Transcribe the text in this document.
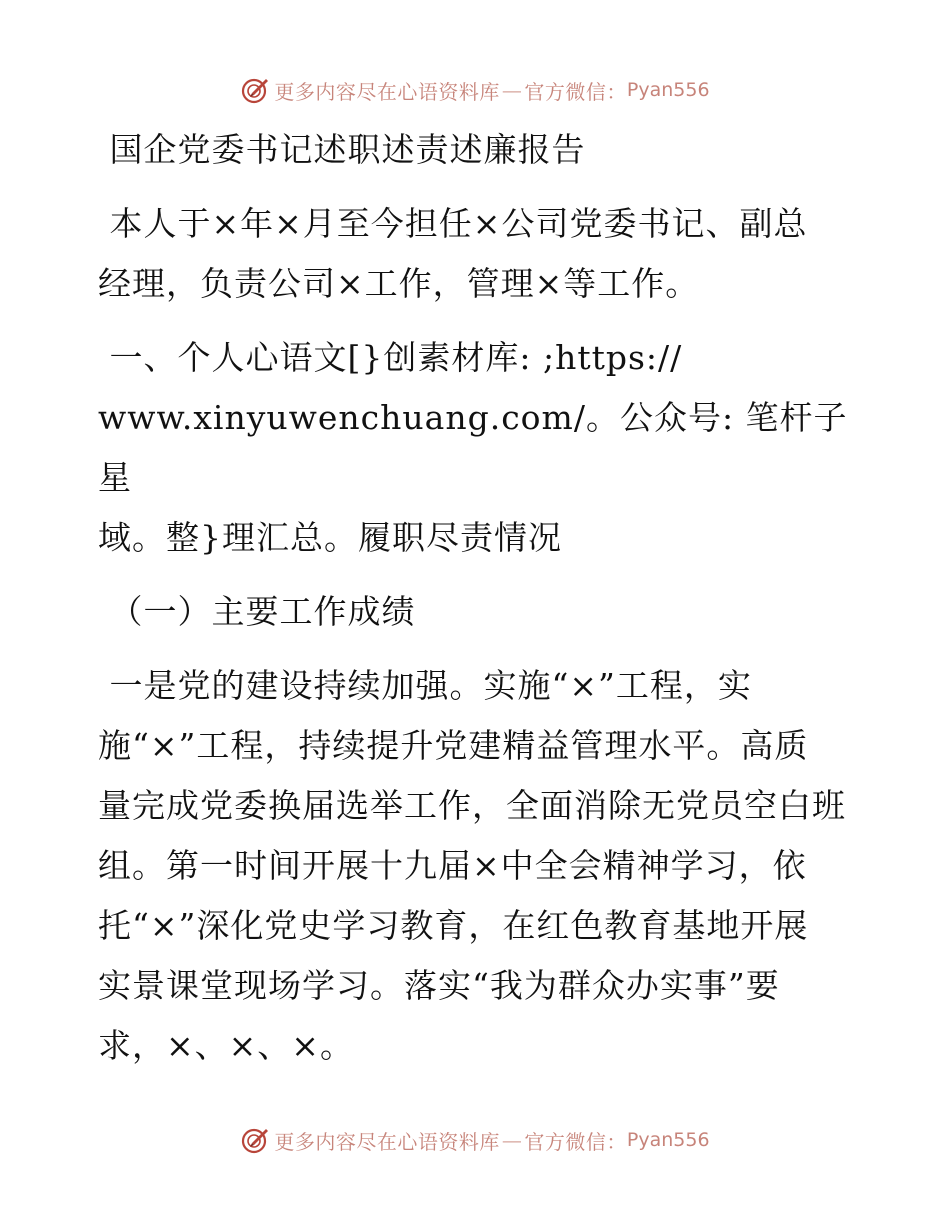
更多内容尽在心语资料库 — 官方微信： Pyan556

国企党委书记述职述责述廉报告

本人于×年×月至今担任×公司党委书记、副总

经理，负责公司×工作，管理×等工作。

一、个人心语文[}创素材库: ;https://

www.xinyuwenchuang.com/。公众号: 笔杆子星

域。整}理汇总。履职尽责情况

（一）主要工作成绩

一是党的建设持续加强。实施“×”工程，实

施“×”工程，持续提升党建精益管理水平。高质

量完成党委换届选举工作，全面消除无党员空白班

组。第一时间开展十九届×中全会精神学习，依

托“×”深化党史学习教育，在红色教育基地开展

实景课堂现场学习。落实“我为群众办实事”要

求，×、×、×。

更多内容尽在心语资料库 — 官方微信： Pyan556
